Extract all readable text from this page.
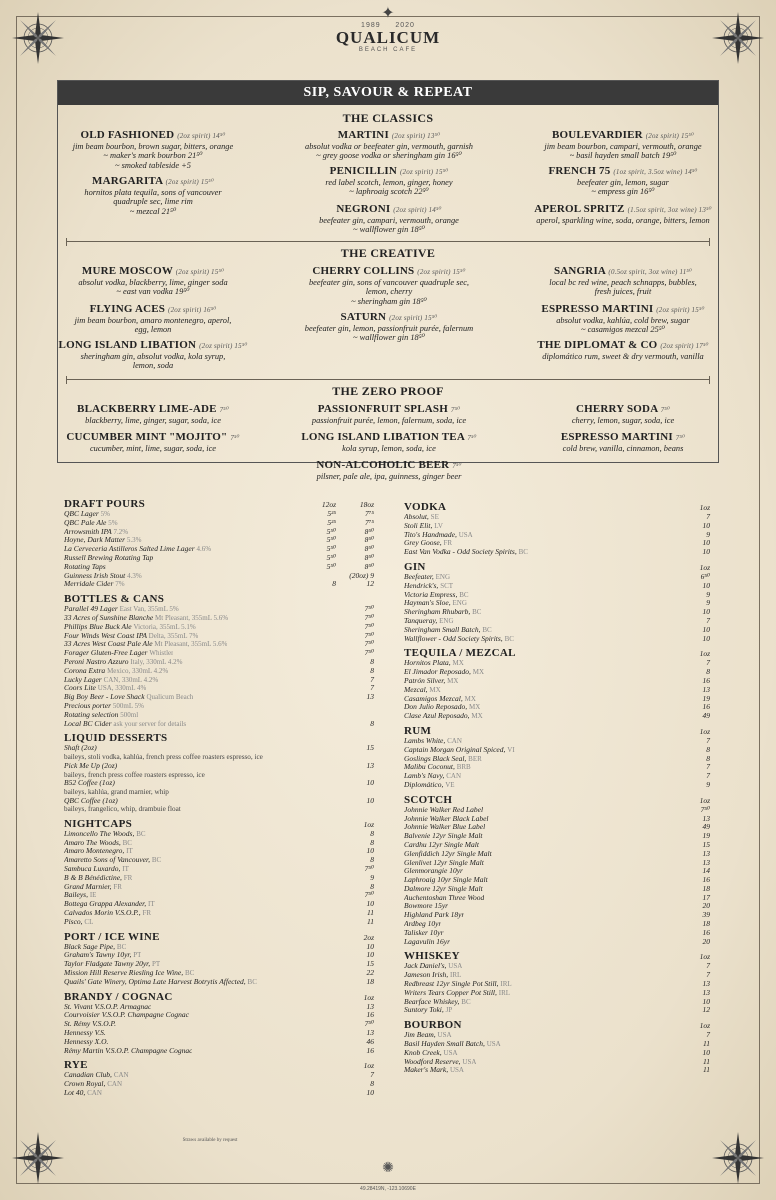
✦
1989 2020
QUALICUM
BEACH CAFE
SIP, SAVOUR & REPEAT
THE CLASSICS
THE CREATIVE
THE ZERO PROOF
OLD FASHIONED (2oz spirit) 14⁵⁰
jim beam bourbon, brown sugar, bitters, orange
~ maker's mark bourbon 21⁵⁰
~ smoked tableside +5
MARTINI (2oz spirit) 13⁵⁰
absolut vodka or beefeater gin, vermouth, garnish
~ grey goose vodka or sheringham gin 16⁵⁰
BOULEVARDIER (2oz spirit) 15⁵⁰
jim beam bourbon, campari, vermouth, orange
~ basil hayden small batch 19⁵⁰
MARGARITA (2oz spirit) 15⁵⁰
hornitos plata tequila, sons of vancouver
quadruple sec, lime rim
~ mezcal 21⁵⁰
PENICILLIN (2oz spirit) 15⁵⁰
red label scotch, lemon, ginger, honey
~ laphroaig scotch 22⁵⁰
FRENCH 75 (1oz spirit, 3.5oz wine) 14⁵⁰
beefeater gin, lemon, sugar
~ empress gin 16⁵⁰
NEGRONI (2oz spirit) 14⁵⁰
beefeater gin, campari, vermouth, orange
~ wallflower gin 18⁵⁰
APEROL SPRITZ (1.5oz spirit, 3oz wine) 13⁵⁰
aperol, sparkling wine, soda, orange, bitters, lemon
MURE MOSCOW (2oz spirit) 15⁵⁰
absolut vodka, blackberry, lime, ginger soda
~ east van vodka 19⁵⁰
CHERRY COLLINS (2oz spirit) 15⁵⁰
beefeater gin, sons of vancouver quadruple sec,
lemon, cherry
~ sheringham gin 18⁵⁰
SANGRIA (0.5oz spirit, 3oz wine) 11⁵⁰
local bc red wine, peach schnapps, bubbles,
fresh juices, fruit
FLYING ACES (2oz spirit) 16⁵⁰
jim beam bourbon, amaro montenegro, aperol,
egg, lemon
SATURN (2oz spirit) 15⁵⁰
beefeater gin, lemon, passionfruit purée, falernum
~ wallflower gin 18⁵⁰
ESPRESSO MARTINI (2oz spirit) 15⁵⁰
absolut vodka, kahlúa, cold brew, sugar
~ casamigos mezcal 25⁵⁰
LONG ISLAND LIBATION (2oz spirit) 15⁵⁰
sheringham gin, absolut vodka, kola syrup,
lemon, soda
THE DIPLOMAT & CO (2oz spirit) 17⁵⁰
diplomático rum, sweet & dry vermouth, vanilla
BLACKBERRY LIME-ADE 7⁵⁰
blackberry, lime, ginger, sugar, soda, ice
PASSIONFRUIT SPLASH 7⁵⁰
passionfruit purée, lemon, falernum, soda, ice
CHERRY SODA 7⁵⁰
cherry, lemon, sugar, soda, ice
CUCUMBER MINT "MOJITO" 7⁵⁰
cucumber, mint, lime, sugar, soda, ice
LONG ISLAND LIBATION TEA 7⁵⁰
kola syrup, lemon, soda, ice
ESPRESSO MARTINI 7⁵⁰
cold brew, vanilla, cinnamon, beans
NON-ALCOHOLIC BEER 7⁵⁰
pilsner, pale ale, ipa, guinness, ginger beer
DRAFT POURS	12oz	18oz
QBC Lager 5%	5²⁵	7⁷⁵
QBC Pale Ale 5%	5²⁵	7⁷⁵
Arrowsmith IPA 7.2%	5⁵⁰	8⁵⁰
Hoyne, Dark Matter 5.3%	5⁵⁰	8⁵⁰
La Cerveceria Astilleros Salted Lime Lager 4.6%	5⁵⁰	8⁵⁰
Russell Brewing Rotating Tap	5⁵⁰	8⁵⁰
Rotating Taps	5⁵⁰	8⁵⁰
Guinness Irish Stout 4.3%	(20oz) 9
Merridale Cider 7%	8	12
BOTTLES & CANS
Parallel 49 Lager East Van, 355mL 5%	7⁵⁰
33 Acres of Sunshine Blanche Mt Pleasant, 355mL 5.6%	7⁵⁰
Phillips Blue Buck Ale Victoria, 355mL 5.1%	7⁵⁰
Four Winds West Coast IPA Delta, 355mL 7%	7⁵⁰
33 Acres West Coast Pale Ale Mt Pleasant, 355mL 5.6%	7⁵⁰
Forager Gluten-Free Lager Whistler	7⁵⁰
Peroni Nastro Azzuro Italy, 330mL 4.2%	8
Corona Extra Mexico, 330mL 4.2%	8
Lucky Lager CAN, 330mL 4.2%	7
Coors Lite USA, 330mL 4%	7
Big Boy Beer - Love Shack Qualicum Beach	13
Precious porter 500mL 5%
Rotating selection 500ml
Local BC Cider ask your server for details	8
LIQUID DESSERTS
Shaft (2oz)	15
baileys, stoli vodka, kahlúa, french press coffee roasters espresso, ice
Pick Me Up (2oz)	13
baileys, french press coffee roasters espresso, ice
B52 Coffee (1oz)	10
baileys, kahlúa, grand marnier, whip
QBC Coffee (1oz)	10
baileys, frangelico, whip, drambuie float
NIGHTCAPS	1oz
Limoncello The Woods, BC	8
Amaro The Woods, BC	8
Amaro Montenegro, IT	10
Amaretto Sons of Vancouver, BC	8
Sambuca Luxardo, IT	7⁵⁰
B & B Bénédictine, FR	9
Grand Marnier, FR	8
Baileys, IE	7⁵⁰
Bottega Grappa Alexander, IT	10
Calvados Morin V.S.O.P., FR	11
Pisco, CL	11
PORT / ICE WINE	2oz
Black Sage Pipe, BC	10
Graham's Tawny 10yr, PT	10
Taylor Fladgate Tawny 20yr, PT	15
Mission Hill Reserve Riesling Ice Wine, BC	22
Quails' Gate Winery, Optima Late Harvest Botrytis Affected, BC	18
BRANDY / COGNAC	1oz
St. Vivant V.S.O.P. Armagnac	13
Courvoisier V.S.O.P. Champagne Cognac	16
St. Rémy V.S.O.P.	7⁵⁰
Hennessy V.S.	13
Hennessy X.O.	46
Rémy Martin V.S.O.P. Champagne Cognac	16
RYE	1oz
Canadian Club, CAN	7
Crown Royal, CAN	8
Lot 40, CAN	10
VODKA	1oz
Absolut, SE	7
Stoli Elit, LV	10
Tito's Handmade, USA	9
Grey Goose, FR	10
East Van Vodka - Odd Society Spirits, BC	10
GIN	1oz
Beefeater, ENG	6⁵⁰
Hendrick's, SCT	10
Victoria Empress, BC	9
Hayman's Sloe, ENG	9
Sheringham Rhubarb, BC	10
Tanqueray, ENG	7
Sheringham Small Batch, BC	10
Wallflower - Odd Society Spirits, BC	10
TEQUILA / MEZCAL	1oz
Hornitos Plata, MX	7
El Jimador Reposado, MX	8
Patrón Silver, MX	16
Mezcal, MX	13
Casamigos Mezcal, MX	19
Don Julio Reposado, MX	16
Clase Azul Reposado, MX	49
RUM	1oz
Lambs White, CAN	7
Captain Morgan Original Spiced, VI	8
Goslings Black Seal, BER	8
Malibu Coconut, BRB	7
Lamb's Navy, CAN	7
Diplomático, VE	9
SCOTCH	1oz
Johnnie Walker Red Label	7⁵⁰
Johnnie Walker Black Label	13
Johnnie Walker Blue Label	49
Balvenie 12yr Single Malt	19
Cardhu 12yr Single Malt	15
Glenfiddich 12yr Single Malt	13
Glenlivet 12yr Single Malt	13
Glenmorangie 10yr	14
Laphroaig 10yr Single Malt	16
Dalmore 12yr Single Malt	18
Auchentoshan Three Wood	17
Bowmore 15yr	20
Highland Park 18yr	39
Ardbeg 10yr	18
Talisker 10yr	16
Lagavulin 16yr	20
WHISKEY	1oz
Jack Daniel's, USA	7
Jameson Irish, IRL	7
Redbreast 12yr Single Pot Still, IRL	13
Writers Tears Copper Pot Still, IRL	13
Bearface Whiskey, BC	10
Suntory Toki, JP	12
BOURBON	1oz
Jim Beam, USA	7
Basil Hayden Small Batch, USA	11
Knob Creek, USA	10
Woodford Reserve, USA	11
Maker's Mark, USA	11
Straws available by request
✺
49.28419N, -123.10690E
